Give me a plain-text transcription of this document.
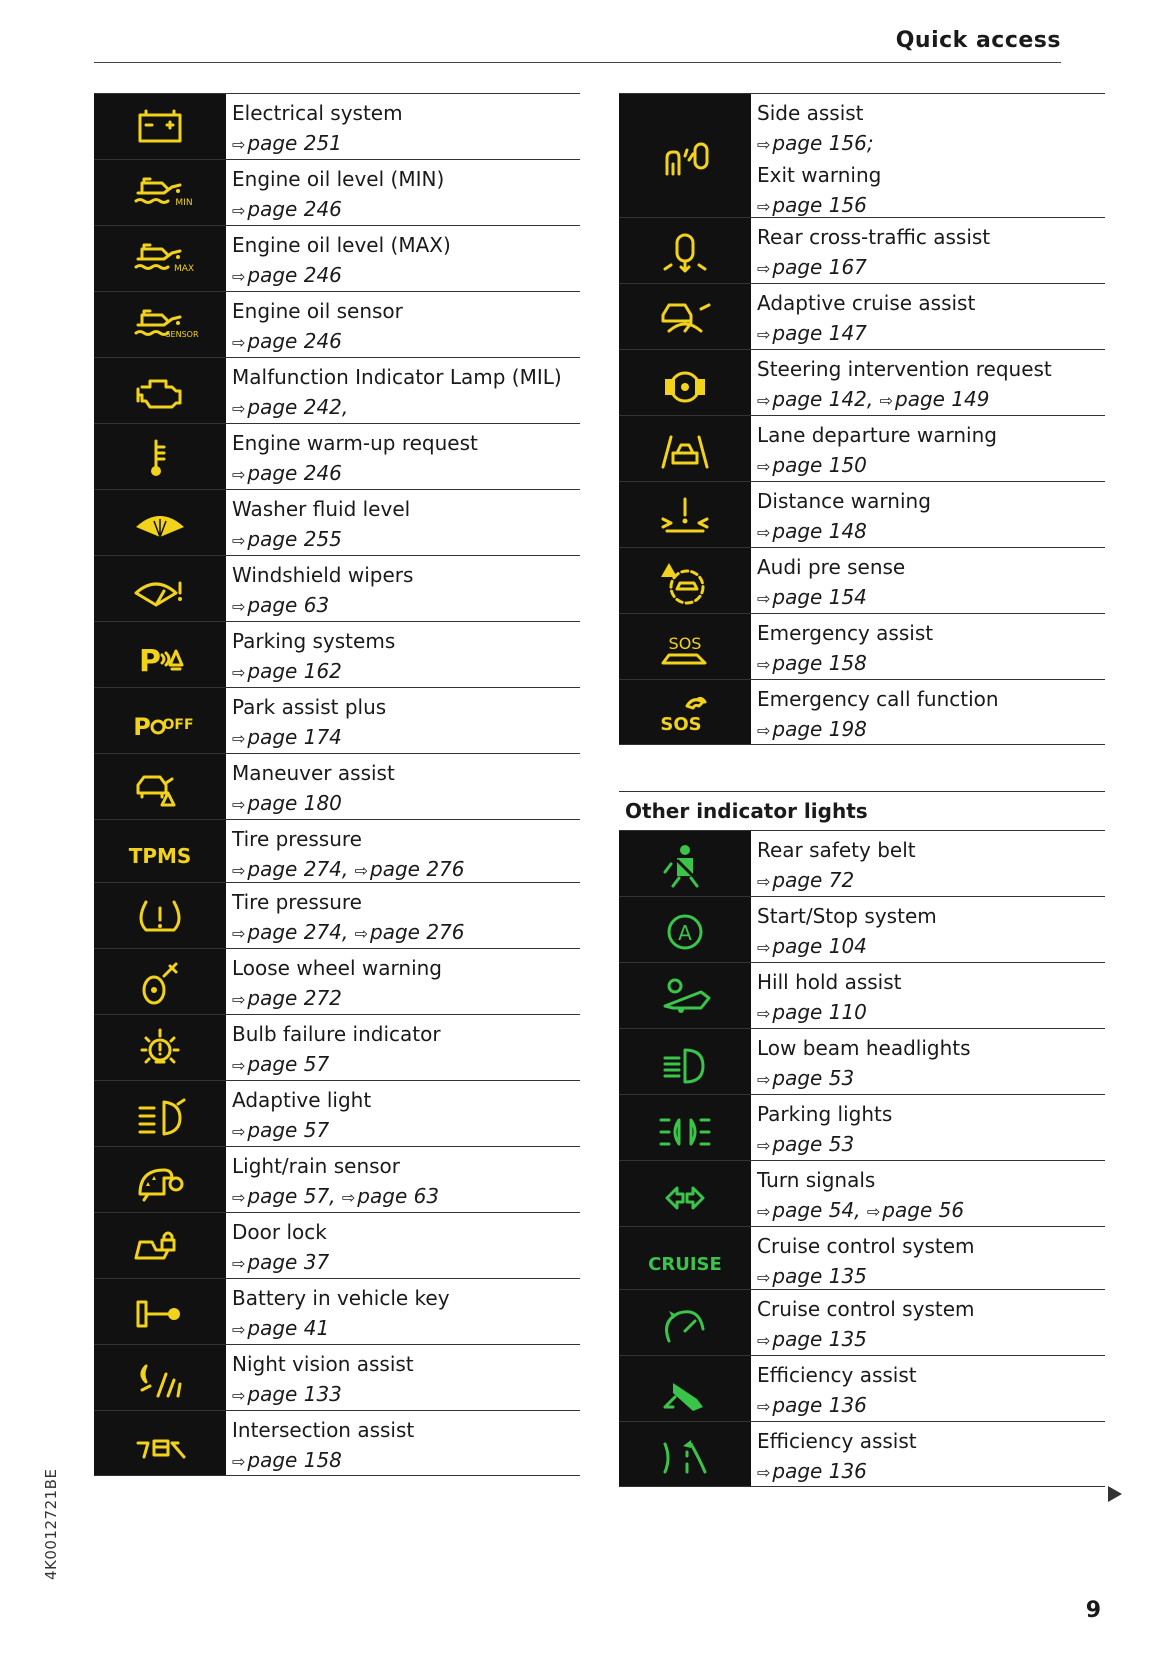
Quick access
Electrical system
⇨ page 251
MIN
Engine oil level (MIN)
⇨ page 246
MAX
Engine oil level (MAX)
⇨ page 246
SENSOR
Engine oil sensor
⇨ page 246
Malfunction Indicator Lamp (MIL)
⇨ page 242,
Engine warm-up request
⇨ page 246
Washer fluid level
⇨ page 255
Windshield wipers
⇨ page 63
P
Parking systems
⇨ page 162
P OFF
Park assist plus
⇨ page 174
Maneuver assist
⇨ page 180
TPMS
Tire pressure
⇨ page 274, ⇨ page 276
Tire pressure
⇨ page 274, ⇨ page 276
Loose wheel warning
⇨ page 272
Bulb failure indicator
⇨ page 57
Adaptive light
⇨ page 57
Light/rain sensor
⇨ page 57, ⇨ page 63
Door lock
⇨ page 37
Battery in vehicle key
⇨ page 41
Night vision assist
⇨ page 133
Intersection assist
⇨ page 158
Side assist
⇨ page 156;
Exit warning
⇨ page 156
Rear cross-traffic assist
⇨ page 167
Adaptive cruise assist
⇨ page 147
Steering intervention request
⇨ page 142, ⇨ page 149
Lane departure warning
⇨ page 150
Distance warning
⇨ page 148
Audi pre sense
⇨ page 154
SOS	Emergency assist
⇨ page 158
SOS
Emergency call function
⇨ page 198
Other indicator lights
Rear safety belt
⇨ page 72
A
Start/Stop system
⇨ page 104
Hill hold assist
⇨ page 110
Low beam headlights
⇨ page 53
Parking lights
⇨ page 53
Turn signals
⇨ page 54, ⇨ page 56
CRUISE
Cruise control system
⇨ page 135
Cruise control system
⇨ page 135
Efficiency assist
⇨ page 136
Efficiency assist
⇨ page 136
4K0012721BE
9
